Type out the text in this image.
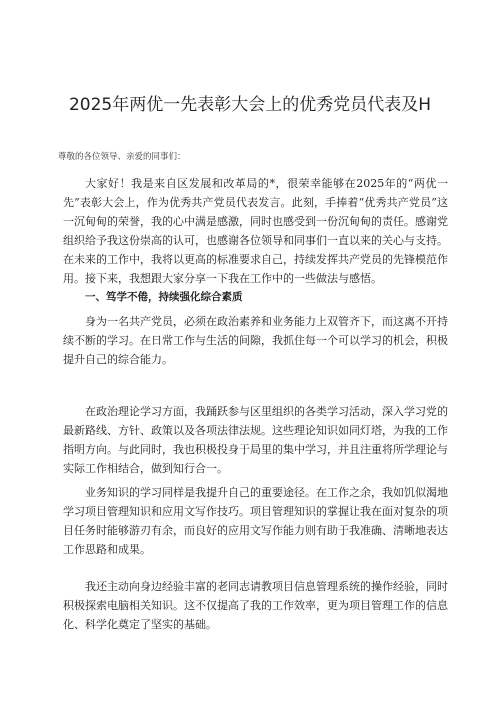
2025年两优一先表彰大会上的优秀党员代表及H
尊敬的各位领导、亲爱的同事们：

大家好！我是来自区发展和改革局的*，很荣幸能够在2025年的“两优一先”表彰大会上，作为优秀共产党员代表发言。此刻，手捧着“优秀共产党员”这一沉甸甸的荣誉，我的心中满是感激，同时也感受到一份沉甸甸的责任。感谢党组织给予我这份崇高的认可，也感谢各位领导和同事们一直以来的关心与支持。在未来的工作中，我将以更高的标准要求自己，持续发挥共产党员的先锋模范作用。接下来，我想跟大家分享一下我在工作中的一些做法与感悟。

一、笃学不倦，持续强化综合素质

身为一名共产党员，必须在政治素养和业务能力上双管齐下，而这离不开持续不断的学习。在日常工作与生活的间隙，我抓住每一个可以学习的机会，积极提升自己的综合能力。

在政治理论学习方面，我踊跃参与区里组织的各类学习活动，深入学习党的最新路线、方针、政策以及各项法律法规。这些理论知识如同灯塔，为我的工作指明方向。与此同时，我也积极投身于局里的集中学习，并且注重将所学理论与实际工作相结合，做到知行合一。

业务知识的学习同样是我提升自己的重要途径。在工作之余，我如饥似渴地学习项目管理知识和应用文写作技巧。项目管理知识的掌握让我在面对复杂的项目任务时能够游刃有余，而良好的应用文写作能力则有助于我准确、清晰地表达工作思路和成果。

我还主动向身边经验丰富的老同志请教项目信息管理系统的操作经验，同时积极探索电脑相关知识。这不仅提高了我的工作效率，更为项目管理工作的信息化、科学化奠定了坚实的基础。
